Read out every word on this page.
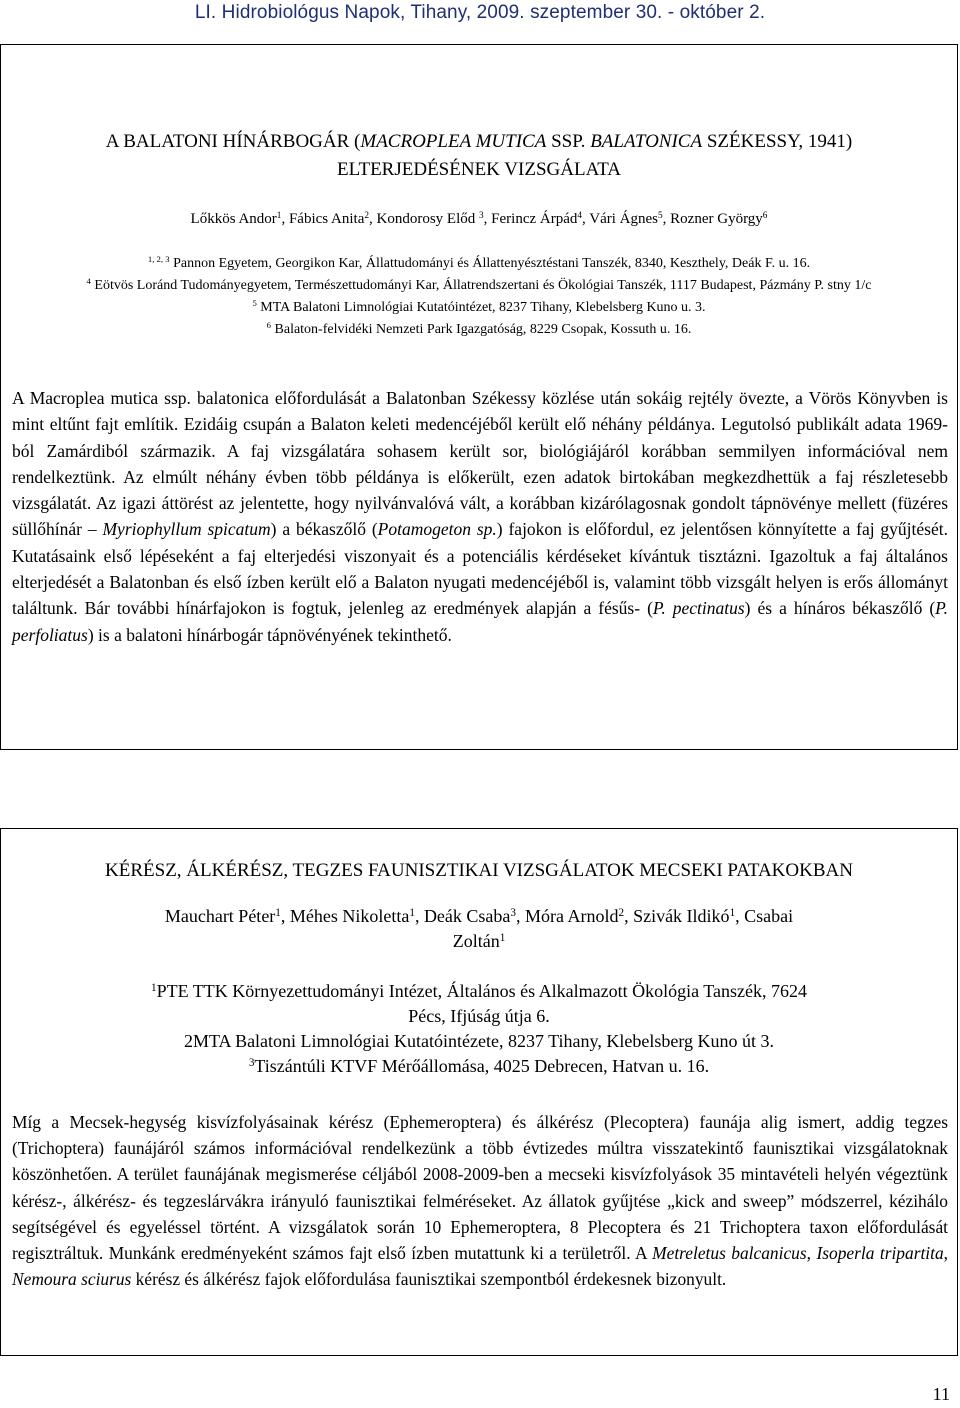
LI. Hidrobiológus Napok, Tihany, 2009. szeptember 30. - október 2.
A BALATONI HÍNÁRBOGÁR (MACROPLEA MUTICA SSP. BALATONICA SZÉKESSY, 1941)
ELTERJEDÉSÉNEK VIZSGÁLATA
Lőkkös Andor$^1$, Fábics Anita$^2$, Kondorosy Előd $^3$, Ferincz Árpád$^4$, Vári Ágnes$^5$, Rozner György$^6$
$^{1, 2, 3}$ Pannon Egyetem, Georgikon Kar, Állattudományi és Állattenyésztéstani Tanszék, 8340, Keszthely, Deák F. u. 16.
$^4$ Eötvös Loránd Tudományegyetem, Természettudományi Kar, Állatrendszertani és Ökológiai Tanszék, 1117 Budapest, Pázmány P. stny 1/c
$^5$ MTA Balatoni Limnológiai Kutatóintézet, 8237 Tihany, Klebelsberg Kuno u. 3.
$^6$ Balaton-felvidéki Nemzeti Park Igazgatóság, 8229 Csopak, Kossuth u. 16.
A Macroplea mutica ssp. balatonica előfordulását a Balatonban Székessy közlése után sokáig rejtély övezte, a Vörös Könyvben is mint eltűnt fajt említik. Ezidáig csupán a Balaton keleti medencéjéből került elő néhány példánya. Legutolsó publikált adata 1969-ból Zamárdiból származik. A faj vizsgálatára sohasem került sor, biológiájáról korábban semmilyen információval nem rendelkeztünk. Az elmúlt néhány évben több példánya is előkerült, ezen adatok birtokában megkezdhettük a faj részletesebb vizsgálatát. Az igazi áttörést az jelentette, hogy nyilvánvalóvá vált, a korábban kizárólagosnak gondolt tápnövénye mellett (füzéres süllőhínár – Myriophyllum spicatum) a békaszőlő (Potamogeton sp.) fajokon is előfordul, ez jelentősen könnyítette a faj gyűjtését. Kutatásaink első lépéseként a faj elterjedési viszonyait és a potenciális kérdéseket kívántuk tisztázni. Igazoltuk a faj általános elterjedését a Balatonban és első ízben került elő a Balaton nyugati medencéjéből is, valamint több vizsgált helyen is erős állományt találtunk. Bár további hínárfajokon is fogtuk, jelenleg az eredmények alapján a fésűs- (P. pectinatus) és a hínáros békaszőlő (P. perfoliatus) is a balatoni hínárbogár tápnövényének tekinthető.
KÉRÉSZ, ÁLKÉRÉSZ, TEGZES FAUNISZTIKAI VIZSGÁLATOK MECSEKI PATAKOKBAN
Mauchart Péter$^1$, Méhes Nikoletta$^1$, Deák Csaba$^3$, Móra Arnold$^2$, Szivák Ildikó$^1$, Csabai Zoltán$^1$
$^1$PTE TTK Környezettudományi Intézet, Általános és Alkalmazott Ökológia Tanszék, 7624 Pécs, Ifjúság útja 6.
2MTA Balatoni Limnológiai Kutatóintézete, 8237 Tihany, Klebelsberg Kuno út 3.
$^3$Tiszántúli KTVF Mérőállomása, 4025 Debrecen, Hatvan u. 16.
Míg a Mecsek-hegység kisvízfolyásainak kérész (Ephemeroptera) és álkérész (Plecoptera) faunája alig ismert, addig tegzes (Trichoptera) faunájáról számos információval rendelkezünk a több évtizedes múltra visszatekintő faunisztikai vizsgálatoknak köszönhetően. A terület faunájának megismerése céljából 2008-2009-ben a mecseki kisvízfolyások 35 mintavételi helyén végeztünk kérész-, álkérész- és tegzeslárvákra irányuló faunisztikai felméréseket. Az állatok gyűjtése „kick and sweep” módszerrel, kézihálo segítségével és egyeléssel történt. A vizsgálatok során 10 Ephemeroptera, 8 Plecoptera és 21 Trichoptera taxon előfordulását regisztráltuk. Munkánk eredményeként számos fajt első ízben mutattunk ki a területről. A Metreletus balcanicus, Isoperla tripartita, Nemoura sciurus kérész és álkérész fajok előfordulása faunisztikai szempontból érdekesnek bizonyult.
11
